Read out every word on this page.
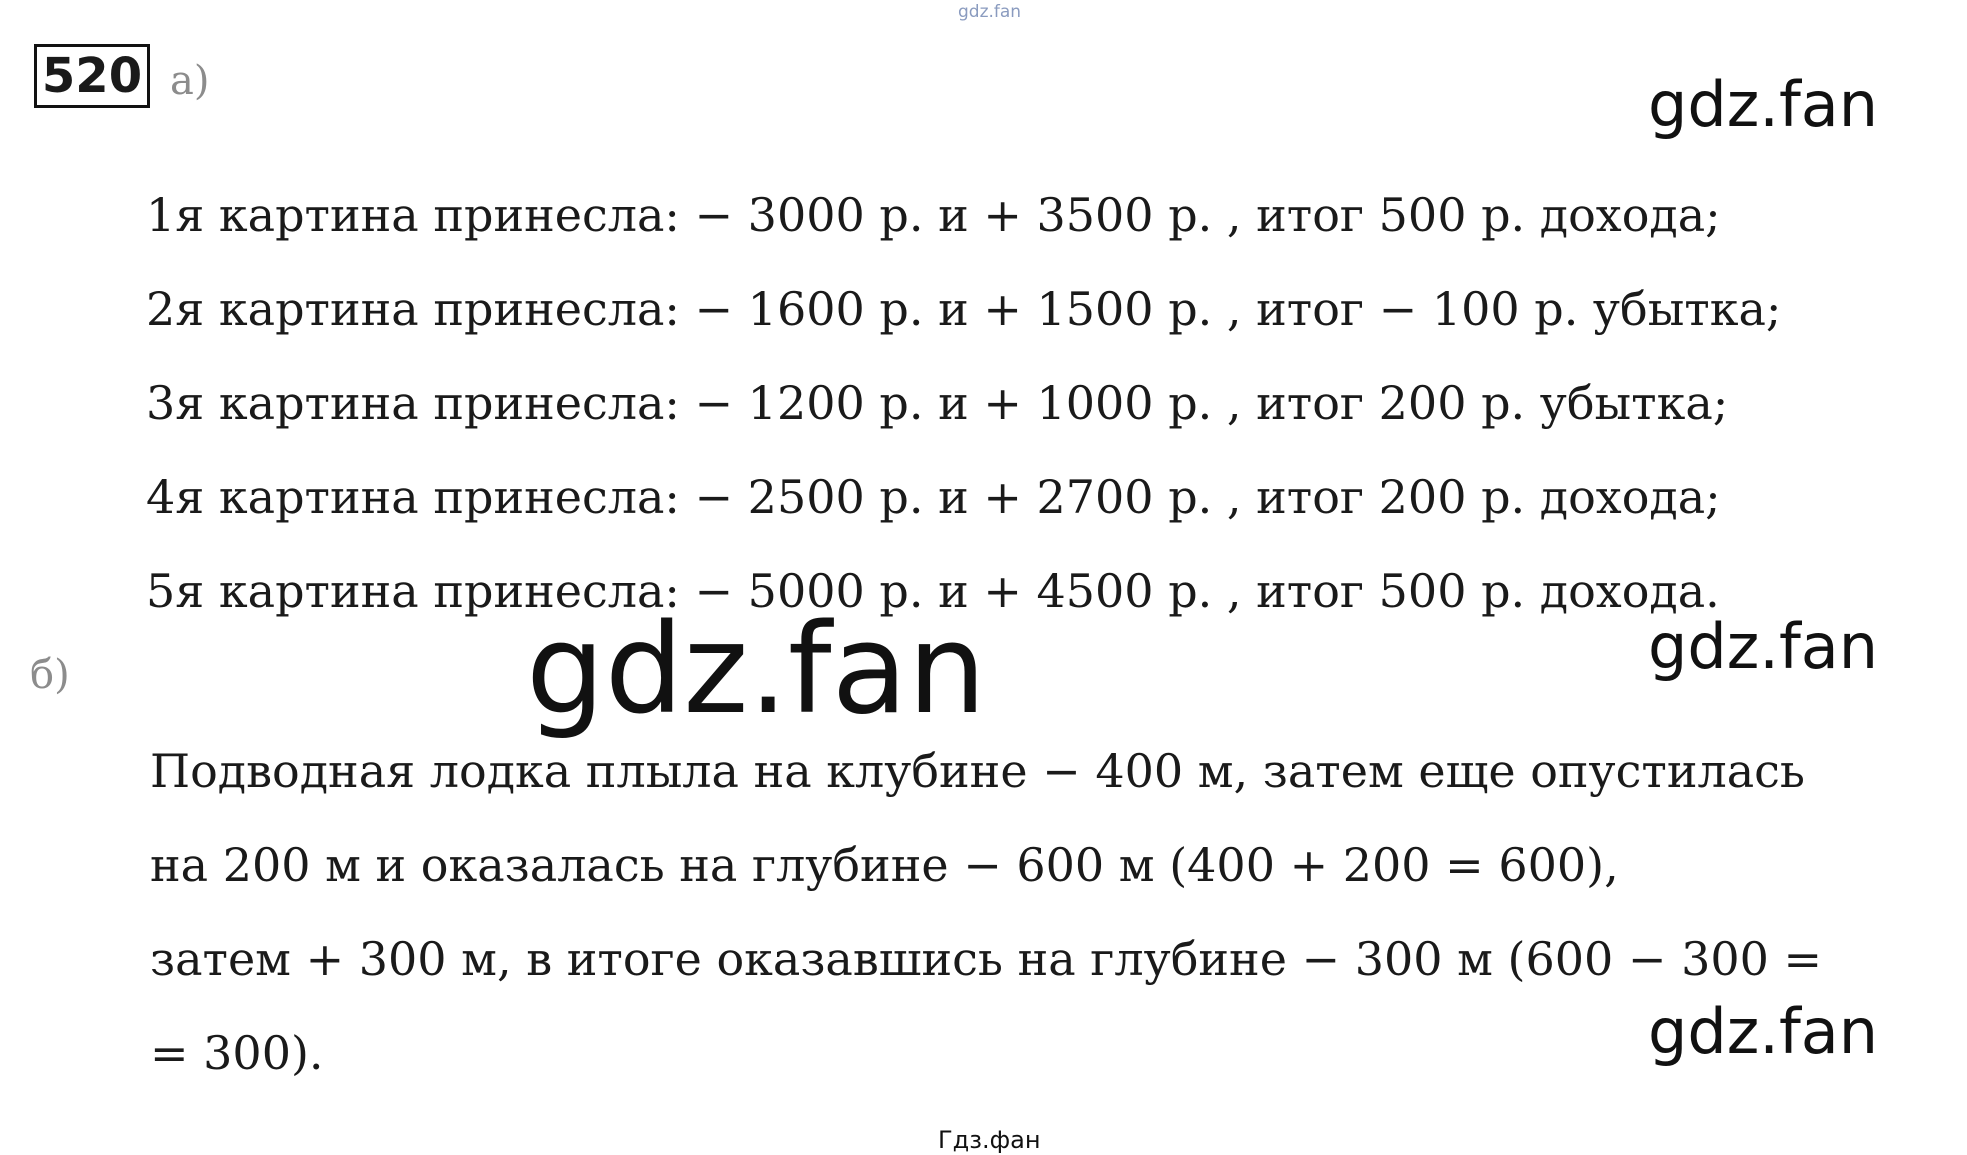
gdz.fan
520 а)	gdz.fan
1я картина принесла: − 3000 р. и + 3500 р. , итог 500 р. дохода;
2я картина принесла: − 1600 р. и + 1500 р. , итог − 100 р. убытка;
3я картина принесла: − 1200 р. и + 1000 р. , итог 200 р. убытка;
4я картина принесла: − 2500 р. и + 2700 р. , итог 200 р. дохода;
5я картина принесла: − 5000 р. и + 4500 р. , итог 500 р. дохода.
gdz.fan
б)	gdz.fan
Подводная лодка плыла на клубине − 400 м, затем еще опустилась
на 200 м и оказалась на глубине − 600 м (400 + 200 = 600),
затем + 300 м, в итоге оказавшись на глубине − 300 м (600 − 300 =
= 300).	gdz.fan
Гдз.фан
